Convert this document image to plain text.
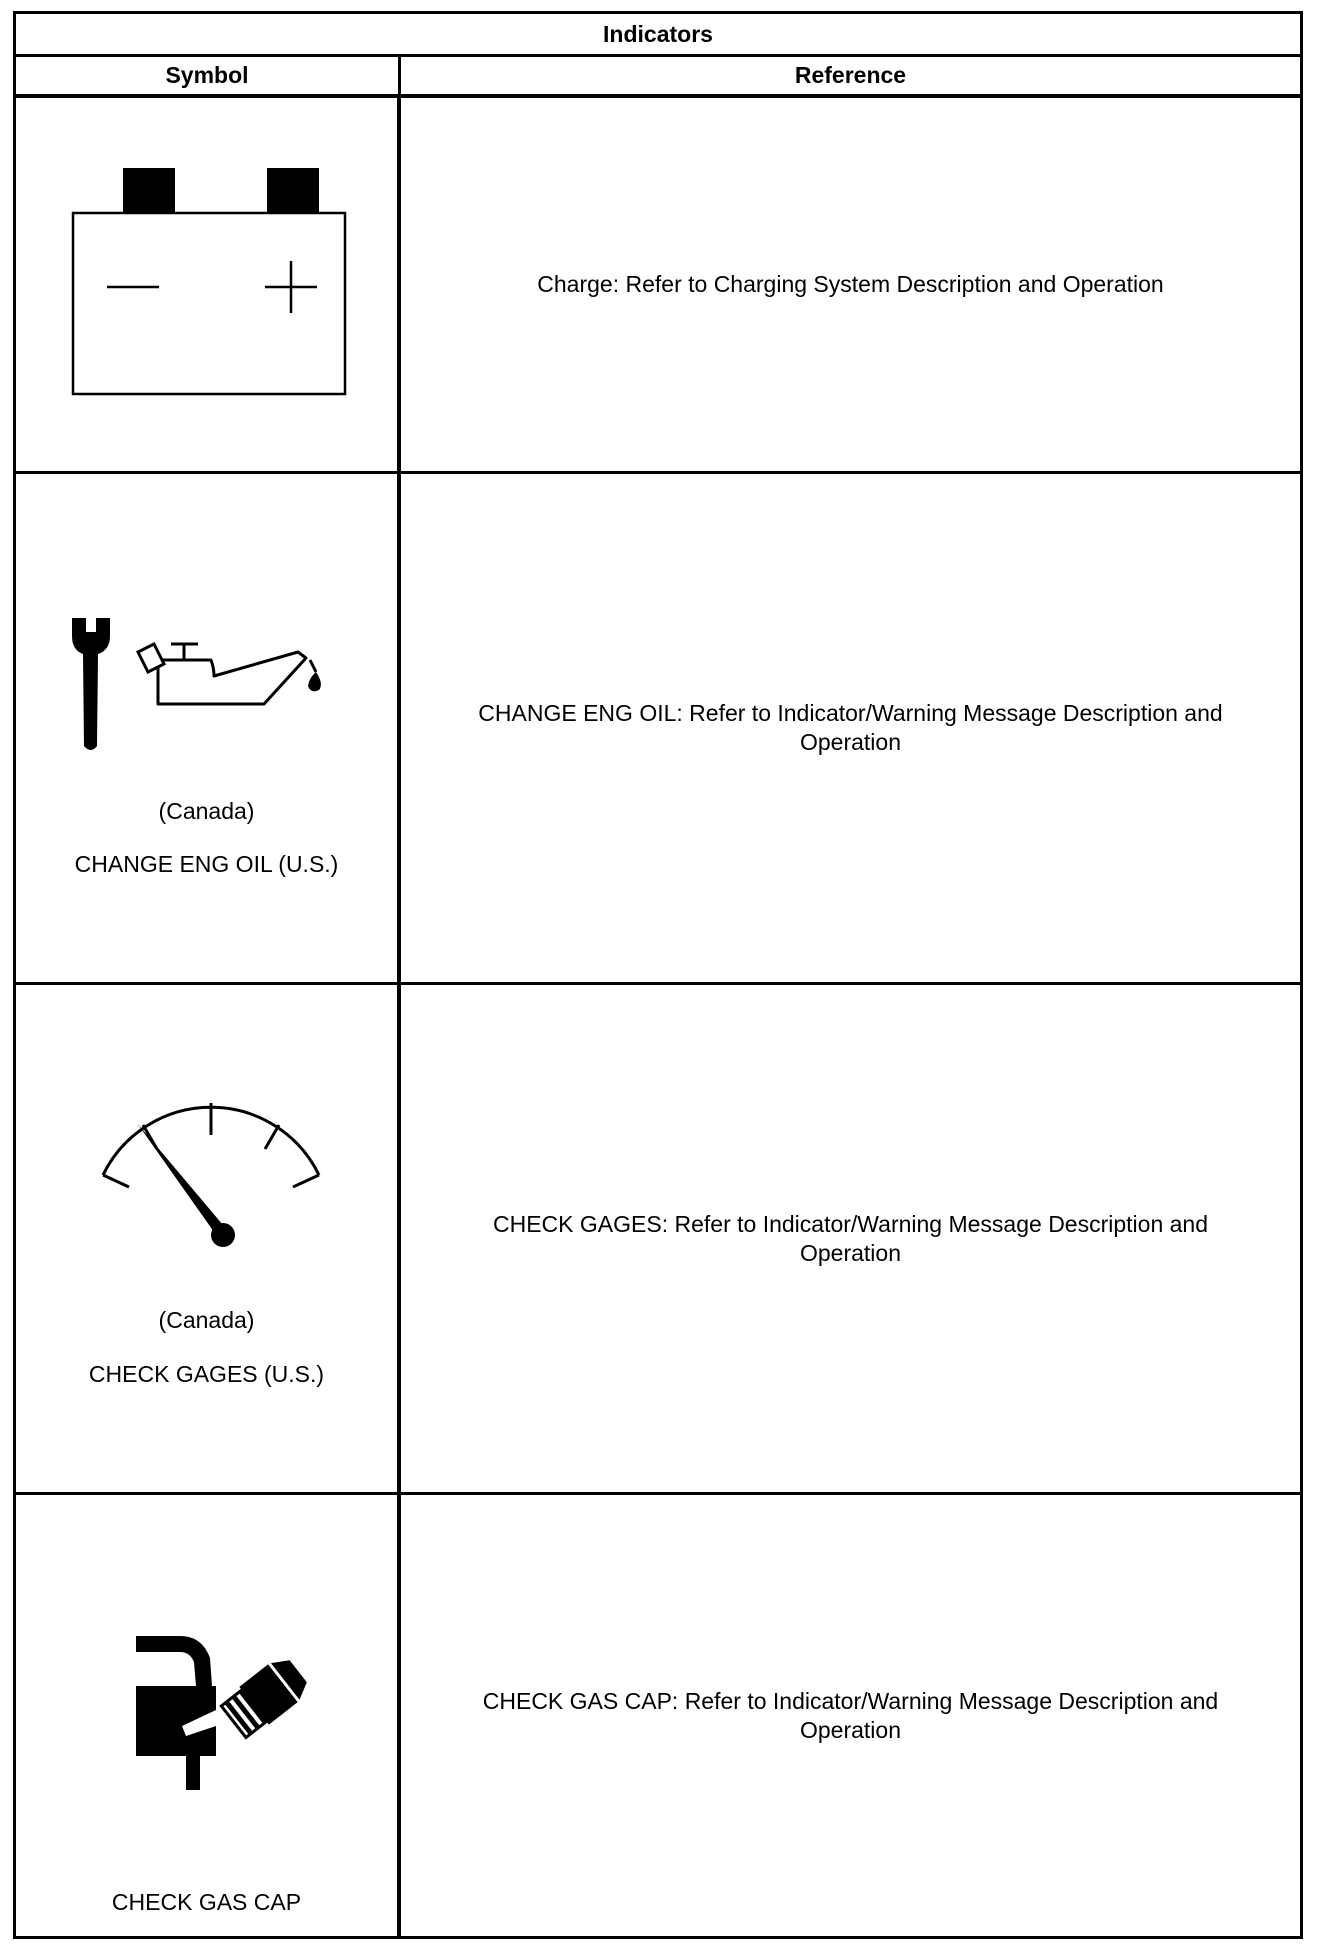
Indicators
Symbol	Reference
Charge: Refer to Charging System Description and Operation
(Canada)
CHANGE ENG OIL (U.S.)
CHANGE ENG OIL: Refer to Indicator/Warning Message Description and Operation
(Canada)
CHECK GAGES (U.S.)
CHECK GAGES: Refer to Indicator/Warning Message Description and Operation
CHECK GAS CAP
CHECK GAS CAP: Refer to Indicator/Warning Message Description and Operation
